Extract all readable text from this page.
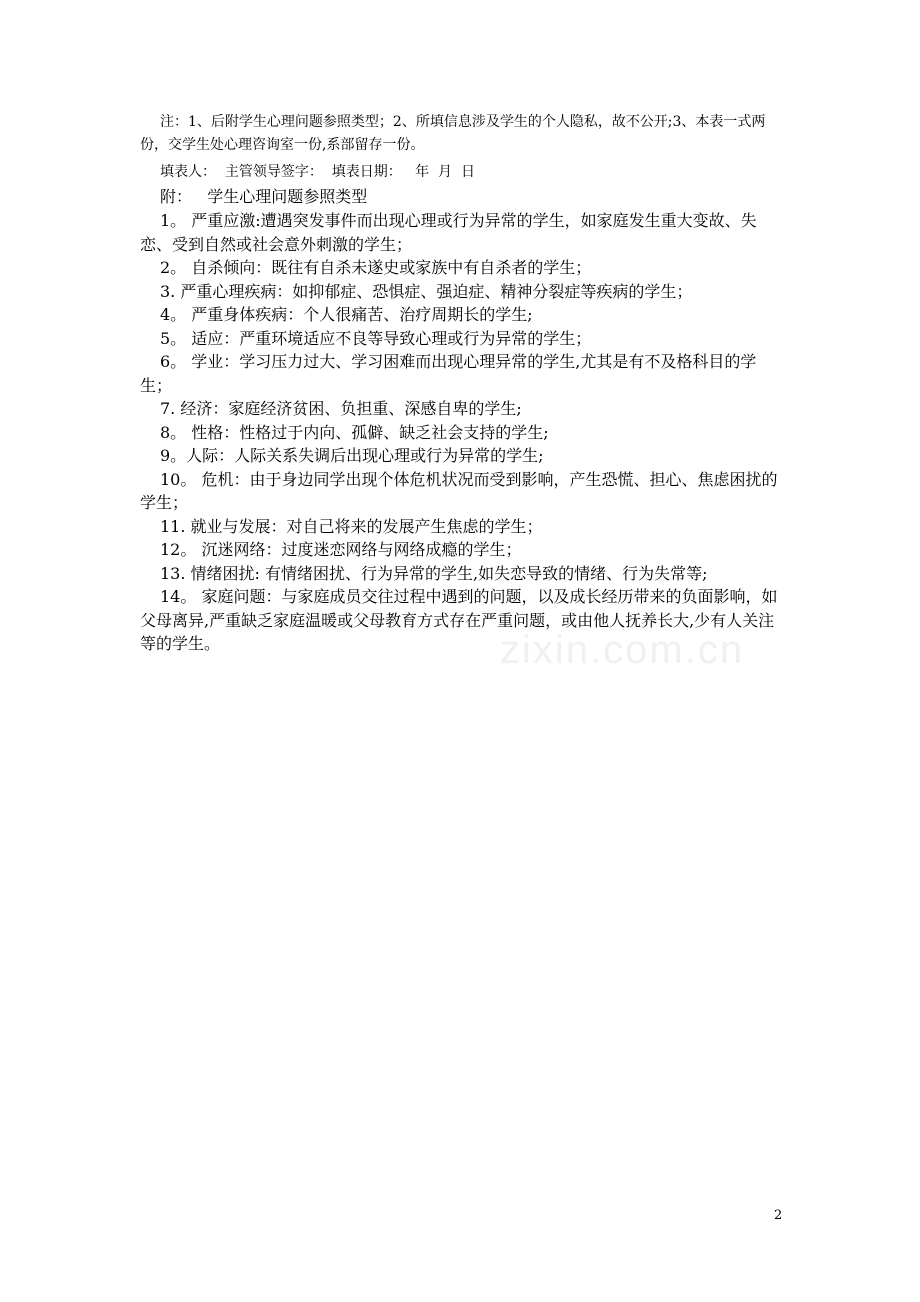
注：1、后附学生心理问题参照类型；2、所填信息涉及学生的个人隐私，故不公开;3、本表一式两份，交学生处心理咨询室一份,系部留存一份。
填表人：  主管领导签字：  填表日期：   年  月  日
附：   学生心理问题参照类型

1。 严重应激:遭遇突发事件而出现心理或行为异常的学生，如家庭发生重大变故、失恋、受到自然或社会意外刺激的学生；

2。 自杀倾向：既往有自杀未遂史或家族中有自杀者的学生；

3. 严重心理疾病：如抑郁症、恐惧症、强迫症、精神分裂症等疾病的学生；

4。 严重身体疾病：个人很痛苦、治疗周期长的学生;

5。 适应：严重环境适应不良等导致心理或行为异常的学生；

6。 学业：学习压力过大、学习困难而出现心理异常的学生,尤其是有不及格科目的学生；

7. 经济：家庭经济贫困、负担重、深感自卑的学生;

8。 性格：性格过于内向、孤僻、缺乏社会支持的学生;

9。人际：人际关系失调后出现心理或行为异常的学生;

10。 危机：由于身边同学出现个体危机状况而受到影响，产生恐慌、担心、焦虑困扰的学生；

11. 就业与发展：对自己将来的发展产生焦虑的学生；

12。 沉迷网络：过度迷恋网络与网络成瘾的学生；

13. 情绪困扰: 有情绪困扰、行为异常的学生,如失恋导致的情绪、行为失常等;

14。 家庭问题：与家庭成员交往过程中遇到的问题，以及成长经历带来的负面影响，如父母离异,严重缺乏家庭温暖或父母教育方式存在严重问题，或由他人抚养长大,少有人关注等的学生。	zixin.com.cn
2
